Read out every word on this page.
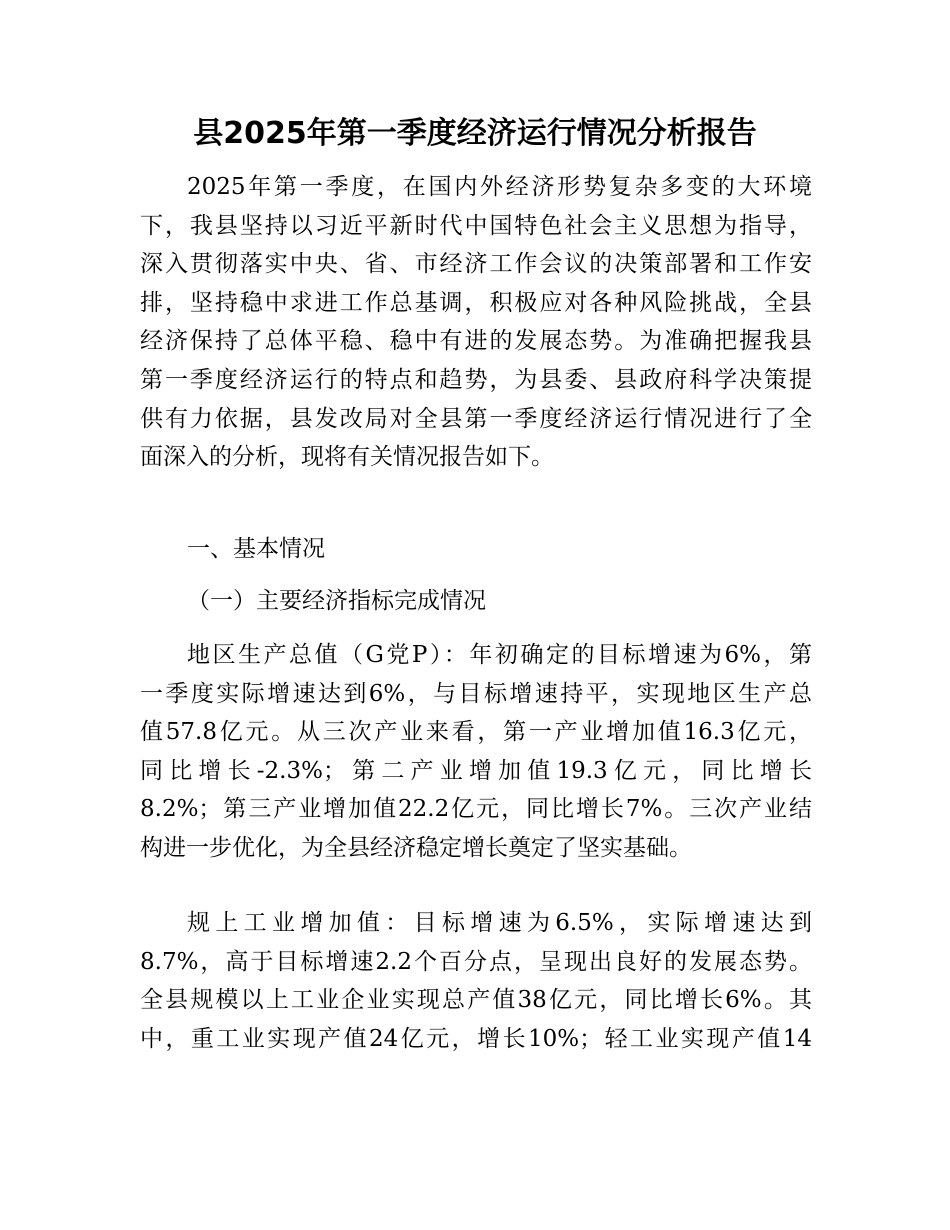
县2025年第一季度经济运行情况分析报告
2025年第一季度，在国内外经济形势复杂多变的大环境
下，我县坚持以习近平新时代中国特色社会主义思想为指导，
深入贯彻落实中央、省、市经济工作会议的决策部署和工作安
排，坚持稳中求进工作总基调，积极应对各种风险挑战，全县
经济保持了总体平稳、稳中有进的发展态势。为准确把握我县
第一季度经济运行的特点和趋势，为县委、县政府科学决策提
供有力依据，县发改局对全县第一季度经济运行情况进行了全
面深入的分析，现将有关情况报告如下。
一、基本情况
（一）主要经济指标完成情况
地区生产总值（G党P）：年初确定的目标增速为6%，第
一季度实际增速达到6%，与目标增速持平，实现地区生产总
值57.8亿元。从三次产业来看，第一产业增加值16.3亿元，
同比增长-2.3%；第二产业增加值19.3亿元，同比增长
8.2%；第三产业增加值22.2亿元，同比增长7%。三次产业结
构进一步优化，为全县经济稳定增长奠定了坚实基础。
规上工业增加值：目标增速为6.5%，实际增速达到
8.7%，高于目标增速2.2个百分点，呈现出良好的发展态势。
全县规模以上工业企业实现总产值38亿元，同比增长6%。其
中，重工业实现产值24亿元，增长10%；轻工业实现产值14
